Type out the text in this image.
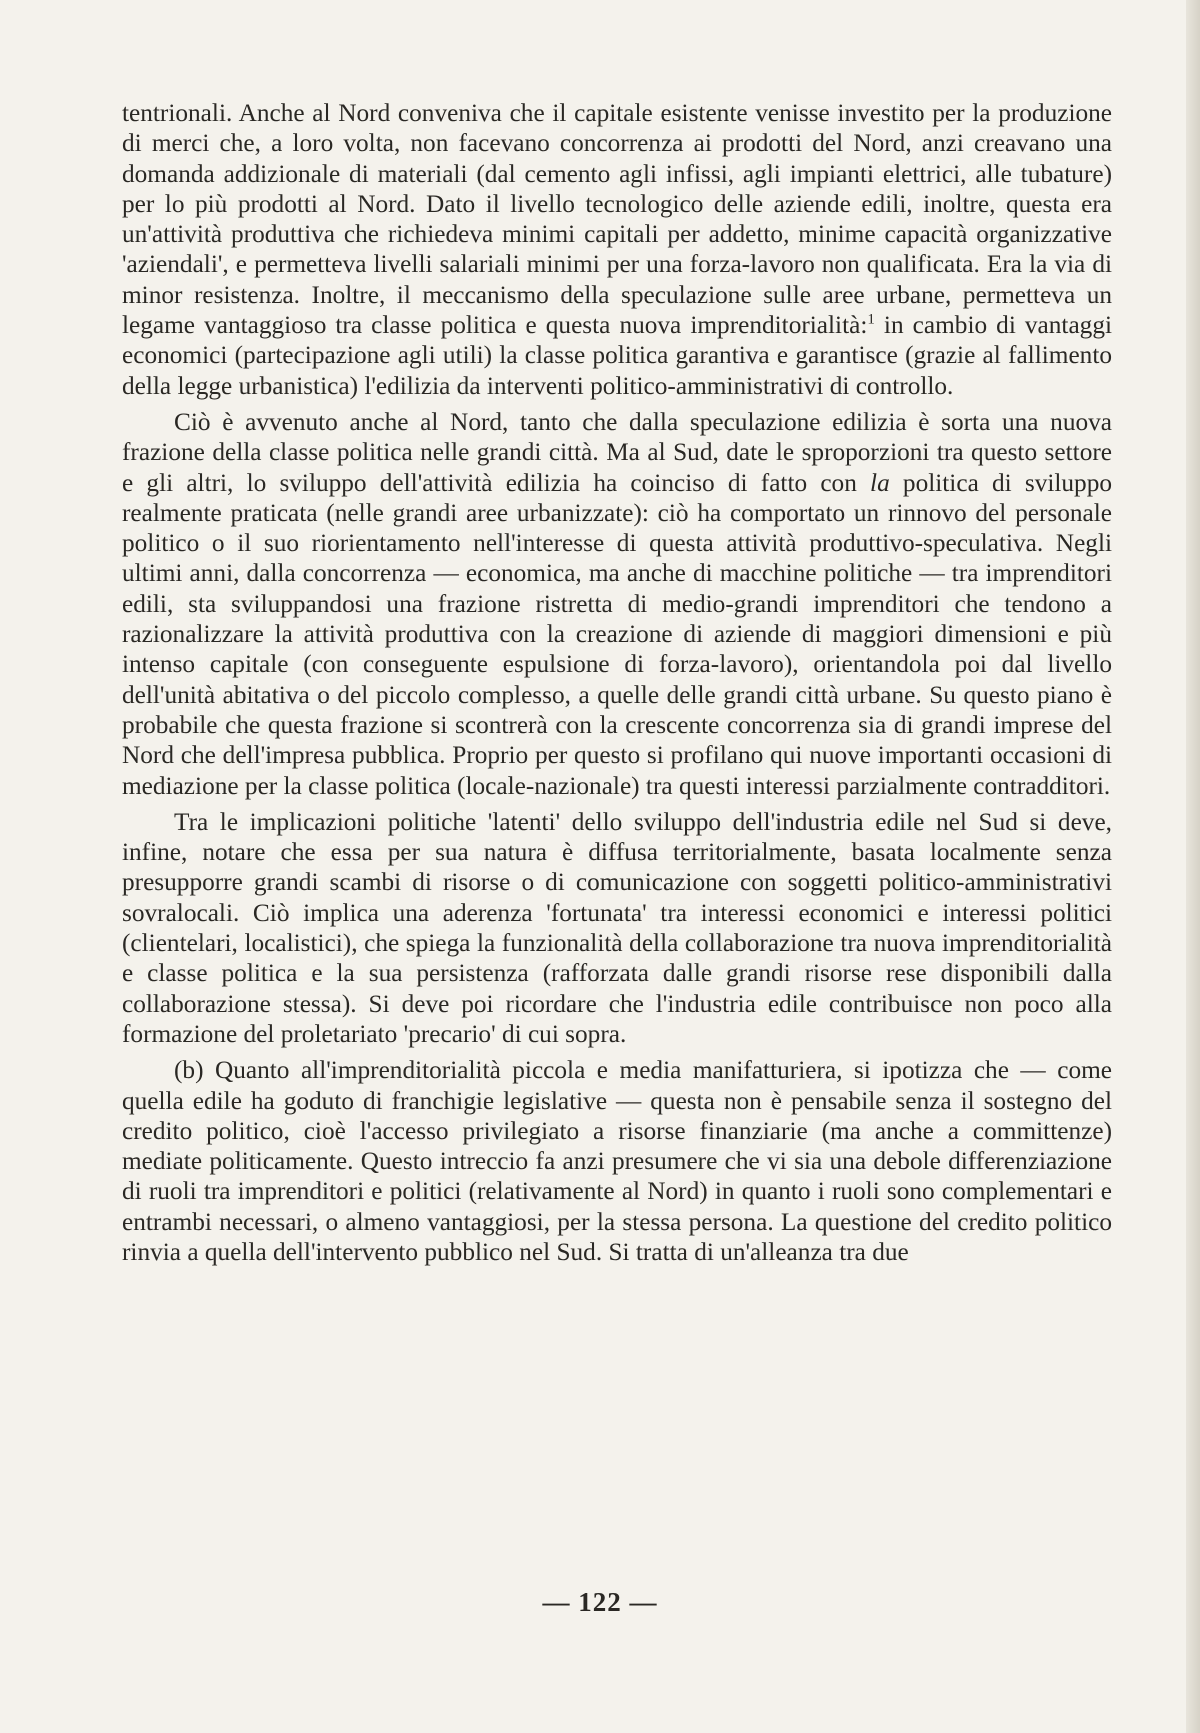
tentrionali. Anche al Nord conveniva che il capitale esistente venisse investito per la produzione di merci che, a loro volta, non facevano concorrenza ai prodotti del Nord, anzi creavano una domanda addizionale di materiali (dal cemento agli infissi, agli impianti elettrici, alle tubature) per lo più prodotti al Nord. Dato il livello tecnologico delle aziende edili, inoltre, questa era un'attività produttiva che richiedeva minimi capitali per addetto, minime capacità organizzative 'aziendali', e permetteva livelli salariali minimi per una forza-lavoro non qualificata. Era la via di minor resistenza. Inoltre, il meccanismo della speculazione sulle aree urbane, permetteva un legame vantaggioso tra classe politica e questa nuova imprenditorialità:$^1$ in cambio di vantaggi economici (partecipazione agli utili) la classe politica garantiva e garantisce (grazie al fallimento della legge urbanistica) l'edilizia da interventi politico-amministrativi di controllo.

Ciò è avvenuto anche al Nord, tanto che dalla speculazione edilizia è sorta una nuova frazione della classe politica nelle grandi città. Ma al Sud, date le sproporzioni tra questo settore e gli altri, lo sviluppo dell'attività edilizia ha coinciso di fatto con la politica di sviluppo realmente praticata (nelle grandi aree urbanizzate): ciò ha comportato un rinnovo del personale politico o il suo riorientamento nell'interesse di questa attività produttivo-speculativa. Negli ultimi anni, dalla concorrenza — economica, ma anche di macchine politiche — tra imprenditori edili, sta sviluppandosi una frazione ristretta di medio-grandi imprenditori che tendono a razionalizzare la attività produttiva con la creazione di aziende di maggiori dimensioni e più intenso capitale (con conseguente espulsione di forza-lavoro), orientandola poi dal livello dell'unità abitativa o del piccolo complesso, a quelle delle grandi città urbane. Su questo piano è probabile che questa frazione si scontrerà con la crescente concorrenza sia di grandi imprese del Nord che dell'impresa pubblica. Proprio per questo si profilano qui nuove importanti occasioni di mediazione per la classe politica (locale-nazionale) tra questi interessi parzialmente contradditori.

Tra le implicazioni politiche 'latenti' dello sviluppo dell'industria edile nel Sud si deve, infine, notare che essa per sua natura è diffusa territorialmente, basata localmente senza presupporre grandi scambi di risorse o di comunicazione con soggetti politico-amministrativi sovralocali. Ciò implica una aderenza 'fortunata' tra interessi economici e interessi politici (clientelari, localistici), che spiega la funzionalità della collaborazione tra nuova imprenditorialità e classe politica e la sua persistenza (rafforzata dalle grandi risorse rese disponibili dalla collaborazione stessa). Si deve poi ricordare che l'industria edile contribuisce non poco alla formazione del proletariato 'precario' di cui sopra.

(b) Quanto all'imprenditorialità piccola e media manifatturiera, si ipotizza che — come quella edile ha goduto di franchigie legislative — questa non è pensabile senza il sostegno del credito politico, cioè l'accesso privilegiato a risorse finanziarie (ma anche a committenze) mediate politicamente. Questo intreccio fa anzi presumere che vi sia una debole differenziazione di ruoli tra imprenditori e politici (relativamente al Nord) in quanto i ruoli sono complementari e entrambi necessari, o almeno vantaggiosi, per la stessa persona. La questione del credito politico rinvia a quella dell'intervento pubblico nel Sud. Si tratta di un'alleanza tra due

— 122 —
